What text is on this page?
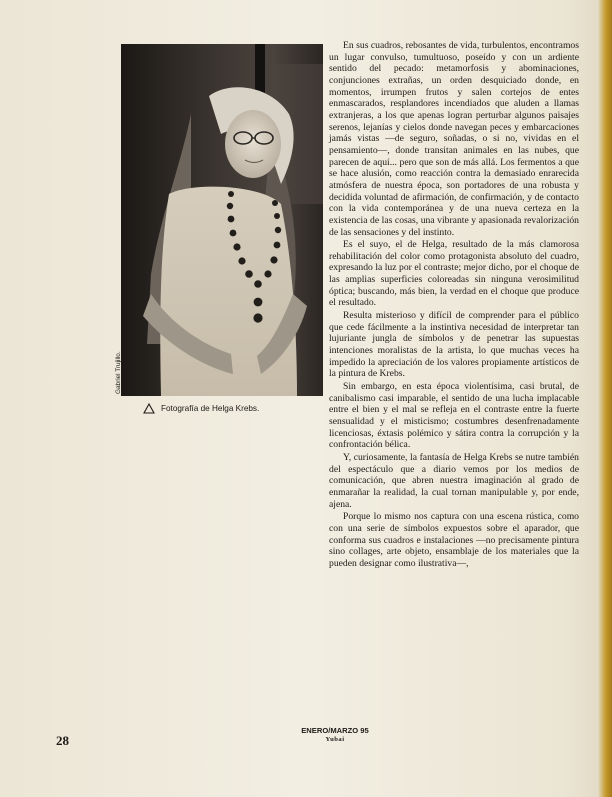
Gabriel Trujillo.
Fotografía de Helga Krebs.

En sus cuadros, rebosantes de vida, turbulentos, encontramos un lugar convulso, tumultuoso, poseído y con un ardiente sentido del pecado: metamorfosis y abominaciones, conjunciones extrañas, un orden desquiciado donde, en momentos, irrumpen frutos y salen cortejos de entes enmascarados, resplandores incendiados que aluden a llamas extranjeras, a los que apenas logran perturbar algunos paisajes serenos, lejanías y cielos donde navegan peces y embarcaciones jamás vistas —de seguro, soñadas, o si no, vividas en el pensamiento—, donde transitan animales en las nubes, que parecen de aquí... pero que son de más allá. Los fermentos a que se hace alusión, como reacción contra la demasiado enrarecida atmósfera de nuestra época, son portadores de una robusta y decidida voluntad de afirmación, de confirmación, y de contacto con la vida contemporánea y de una nueva certeza en la existencia de las cosas, una vibrante y apasionada revalorización de las sensaciones y del instinto.

Es el suyo, el de Helga, resultado de la más clamorosa rehabilitación del color como protagonista absoluto del cuadro, expresando la luz por el contraste; mejor dicho, por el choque de las amplias superficies coloreadas sin ninguna verosimilitud óptica; buscando, más bien, la verdad en el choque que produce el resultado.

Resulta misterioso y difícil de comprender para el público que cede fácilmente a la instintiva necesidad de interpretar tan lujuriante jungla de símbolos y de penetrar las supuestas intenciones moralistas de la artista, lo que muchas veces ha impedido la apreciación de los valores propiamente artísticos de la pintura de Krebs.

Sin embargo, en esta época violentísima, casi brutal, de canibalismo casi imparable, el sentido de una lucha implacable entre el bien y el mal se refleja en el contraste entre la fuerte sensualidad y el misticismo; costumbres desenfrenadamente licenciosas, éxtasis polémico y sátira contra la corrupción y la confrontación bélica.

Y, curiosamente, la fantasía de Helga Krebs se nutre también del espectáculo que a diario vemos por los medios de comunicación, que abren nuestra imaginación al grado de enmarañar la realidad, la cual tornan manipulable y, por ende, ajena.

Porque lo mismo nos captura con una escena rústica, como con una serie de símbolos expuestos sobre el aparador, que conforma sus cuadros e instalaciones —no precisamente pintura sino collages, arte objeto, ensamblaje de los materiales que la pueden designar como ilustrativa—,

28
ENERO/MARZO 95
Yubai
